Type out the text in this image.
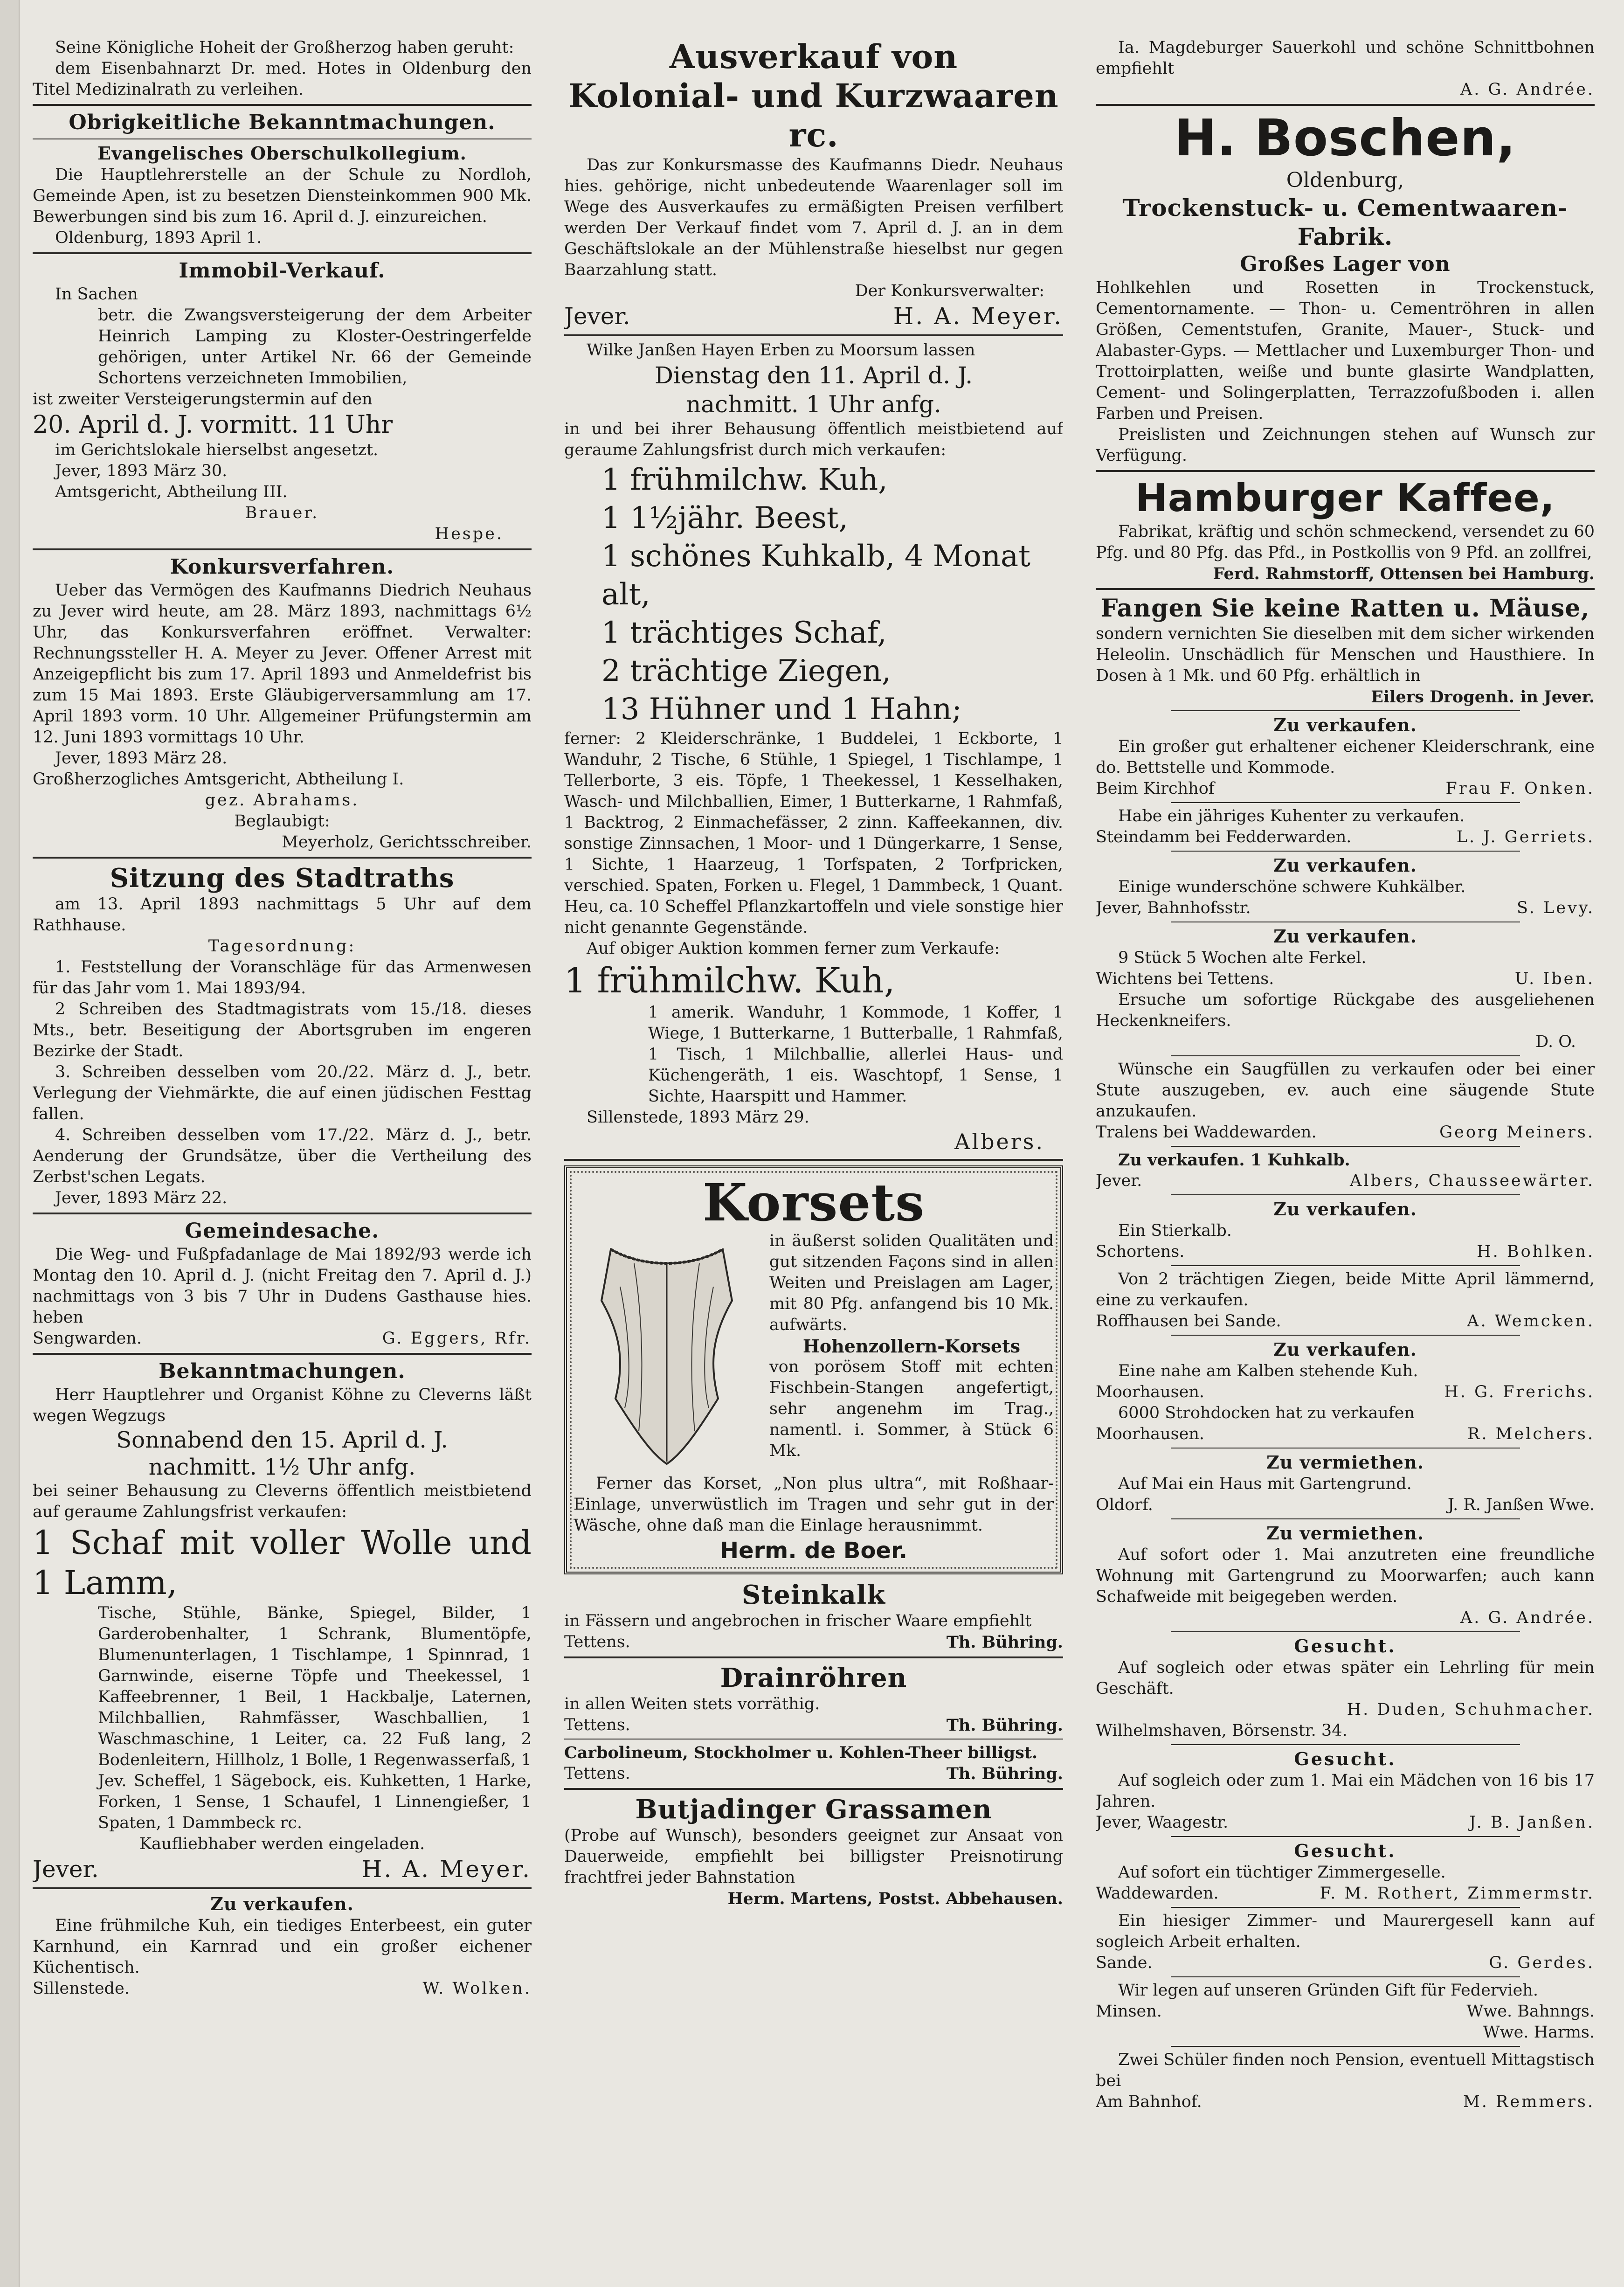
Seine Königliche Hoheit der Großherzog haben geruht:

dem Eisenbahnarzt Dr. med. Hotes in Oldenburg den Titel Medizinalrath zu verleihen.

Obrigkeitliche Bekanntmachungen.
Evangelisches Oberschulkollegium.

Die Hauptlehrerstelle an der Schule zu Nordloh, Gemeinde Apen, ist zu besetzen Diensteinkommen 900 Mk. Bewerbungen sind bis zum 16. April d. J. einzureichen.

Oldenburg, 1893 April 1.

Immobil-Verkauf.

In Sachen

betr. die Zwangsversteigerung der dem Arbeiter Heinrich Lamping zu Kloster-Oestringerfelde gehörigen, unter Artikel Nr. 66 der Gemeinde Schortens verzeichneten Immobilien,

ist zweiter Versteigerungstermin auf den

20. April d. J. vormitt. 11 Uhr

im Gerichtslokale hierselbst angesetzt.

Jever, 1893 März 30.

Amtsgericht, Abtheilung III.

Brauer.

Hespe.

Konkursverfahren.

Ueber das Vermögen des Kaufmanns Diedrich Neuhaus zu Jever wird heute, am 28. März 1893, nachmittags 6½ Uhr, das Konkursverfahren eröffnet. Verwalter: Rechnungssteller H. A. Meyer zu Jever. Offener Arrest mit Anzeigepflicht bis zum 17. April 1893 und Anmeldefrist bis zum 15 Mai 1893. Erste Gläubigerversammlung am 17. April 1893 vorm. 10 Uhr. Allgemeiner Prüfungstermin am 12. Juni 1893 vormittags 10 Uhr.

Jever, 1893 März 28.

Großherzogliches Amtsgericht, Abtheilung I.

gez. Abrahams.

Beglaubigt:

Meyerholz, Gerichtsschreiber.

Sitzung des Stadtraths

am 13. April 1893 nachmittags 5 Uhr auf dem Rathhause.

Tagesordnung:

1. Feststellung der Voranschläge für das Armenwesen für das Jahr vom 1. Mai 1893/94.

2 Schreiben des Stadtmagistrats vom 15./18. dieses Mts., betr. Beseitigung der Abortsgruben im engeren Bezirke der Stadt.

3. Schreiben desselben vom 20./22. März d. J., betr. Verlegung der Viehmärkte, die auf einen jüdischen Festtag fallen.

4. Schreiben desselben vom 17./22. März d. J., betr. Aenderung der Grundsätze, über die Vertheilung des Zerbst'schen Legats.

Jever, 1893 März 22.

Gemeindesache.

Die Weg- und Fußpfadanlage de Mai 1892/93 werde ich Montag den 10. April d. J. (nicht Freitag den 7. April d. J.) nachmittags von 3 bis 7 Uhr in Dudens Gasthause hies. heben

Sengwarden.	G. Eggers, Rfr.
Bekanntmachungen.

Herr Hauptlehrer und Organist Köhne zu Cleverns läßt wegen Wegzugs

Sonnabend den 15. April d. J.

nachmitt. 1½ Uhr anfg.

bei seiner Behausung zu Cleverns öffentlich meistbietend auf geraume Zahlungsfrist verkaufen:

1 Schaf mit voller Wolle und 1 Lamm,

Tische, Stühle, Bänke, Spiegel, Bilder, 1 Garderobenhalter, 1 Schrank, Blumentöpfe, Blumenunterlagen, 1 Tischlampe, 1 Spinnrad, 1 Garnwinde, eiserne Töpfe und Theekessel, 1 Kaffeebrenner, 1 Beil, 1 Hackbalje, Laternen, Milchballien, Rahmfässer, Waschballien, 1 Waschmaschine, 1 Leiter, ca. 22 Fuß lang, 2 Bodenleitern, Hillholz, 1 Bolle, 1 Regenwasserfaß, 1 Jev. Scheffel, 1 Sägebock, eis. Kuhketten, 1 Harke, Forken, 1 Sense, 1 Schaufel, 1 Linnengießer, 1 Spaten, 1 Dammbeck rc.

Kaufliebhaber werden eingeladen.

Jever.	H. A. Meyer.
Zu verkaufen.

Eine frühmilche Kuh, ein tiediges Enterbeest, ein guter Karnhund, ein Karnrad und ein großer eichener Küchentisch.

Sillenstede.	W. Wolken.
Ausverkauf von
Kolonial- und Kurzwaaren rc.

Das zur Konkursmasse des Kaufmanns Diedr. Neuhaus hies. gehörige, nicht unbedeutende Waarenlager soll im Wege des Ausverkaufes zu ermäßigten Preisen verfilbert werden Der Verkauf findet vom 7. April d. J. an in dem Geschäftslokale an der Mühlenstraße hieselbst nur gegen Baarzahlung statt.

Der Konkursverwalter:

Jever.	H. A. Meyer.

Wilke Janßen Hayen Erben zu Moorsum lassen

Dienstag den 11. April d. J.

nachmitt. 1 Uhr anfg.

in und bei ihrer Behausung öffentlich meistbietend auf geraume Zahlungsfrist durch mich verkaufen:

1 frühmilchw. Kuh,

1 1½jähr. Beest,

1 schönes Kuhkalb, 4 Monat alt,

1 trächtiges Schaf,

2 trächtige Ziegen,

13 Hühner und 1 Hahn;

ferner: 2 Kleiderschränke, 1 Buddelei, 1 Eckborte, 1 Wanduhr, 2 Tische, 6 Stühle, 1 Spiegel, 1 Tischlampe, 1 Tellerborte, 3 eis. Töpfe, 1 Theekessel, 1 Kesselhaken, Wasch- und Milchballien, Eimer, 1 Butterkarne, 1 Rahmfaß, 1 Backtrog, 2 Einmachefässer, 2 zinn. Kaffeekannen, div. sonstige Zinnsachen, 1 Moor- und 1 Düngerkarre, 1 Sense, 1 Sichte, 1 Haarzeug, 1 Torfspaten, 2 Torfpricken, verschied. Spaten, Forken u. Flegel, 1 Dammbeck, 1 Quant. Heu, ca. 10 Scheffel Pflanzkartoffeln und viele sonstige hier nicht genannte Gegenstände.

Auf obiger Auktion kommen ferner zum Verkaufe:

1 frühmilchw. Kuh,

1 amerik. Wanduhr, 1 Kommode, 1 Koffer, 1 Wiege, 1 Butterkarne, 1 Butterballe, 1 Rahmfaß, 1 Tisch, 1 Milchballie, allerlei Haus- und Küchengeräth, 1 eis. Waschtopf, 1 Sense, 1 Sichte, Haarspitt und Hammer.

Sillenstede, 1893 März 29.

Albers.

Korsets

in äußerst soliden Qualitäten und gut sitzenden Façons sind in allen Weiten und Preislagen am Lager, mit 80 Pfg. anfangend bis 10 Mk. aufwärts.

Hohenzollern-Korsets

von porösem Stoff mit echten Fischbein-Stangen angefertigt, sehr angenehm im Trag., namentl. i. Sommer, à Stück 6 Mk.

Ferner das Korset, „Non plus ultra“, mit Roßhaar-Einlage, unverwüstlich im Tragen und sehr gut in der Wäsche, ohne daß man die Einlage herausnimmt.

Herm. de Boer.

Steinkalk

in Fässern und angebrochen in frischer Waare empfiehlt

Tettens.	Th. Bühring.
Drainröhren

in allen Weiten stets vorräthig.

Tettens.	Th. Bühring.

Carbolineum, Stockholmer u. Kohlen-Theer billigst.

Tettens.	Th. Bühring.
Butjadinger Grassamen

(Probe auf Wunsch), besonders geeignet zur Ansaat von Dauerweide, empfiehlt bei billigster Preisnotirung frachtfrei jeder Bahnstation

Herm. Martens, Postst. Abbehausen.

Ia. Magdeburger Sauerkohl und schöne Schnittbohnen empfiehlt

A. G. Andrée.

H. Boschen,

Oldenburg,

Trockenstuck- u. Cementwaaren-Fabrik.
Großes Lager von

Hohlkehlen und Rosetten in Trockenstuck, Cementornamente. — Thon- u. Cementröhren in allen Größen, Cementstufen, Granite, Mauer-, Stuck- und Alabaster-Gyps. — Mettlacher und Luxemburger Thon- und Trottoirplatten, weiße und bunte glasirte Wandplatten, Cement- und Solingerplatten, Terrazzofußboden i. allen Farben und Preisen.

Preislisten und Zeichnungen stehen auf Wunsch zur Verfügung.

Hamburger Kaffee,

Fabrikat, kräftig und schön schmeckend, versendet zu 60 Pfg. und 80 Pfg. das Pfd., in Postkollis von 9 Pfd. an zollfrei,

Ferd. Rahmstorff, Ottensen bei Hamburg.

Fangen Sie keine Ratten u. Mäuse,

sondern vernichten Sie dieselben mit dem sicher wirkenden Heleolin. Unschädlich für Menschen und Hausthiere. In Dosen à 1 Mk. und 60 Pfg. erhältlich in

Eilers Drogenh. in Jever.

Zu verkaufen.

Ein großer gut erhaltener eichener Kleiderschrank, eine do. Bettstelle und Kommode.

Beim Kirchhof	Frau F. Onken.

Habe ein jähriges Kuhenter zu verkaufen.

Steindamm bei Fedderwarden.	L. J. Gerriets.
Zu verkaufen.

Einige wunderschöne schwere Kuhkälber.

Jever, Bahnhofsstr.	S. Levy.
Zu verkaufen.

9 Stück 5 Wochen alte Ferkel.

Wichtens bei Tettens.	U. Iben.

Ersuche um sofortige Rückgabe des ausgeliehenen Heckenkneifers.

D. O.

Wünsche ein Saugfüllen zu verkaufen oder bei einer Stute auszugeben, ev. auch eine säugende Stute anzukaufen.

Tralens bei Waddewarden.	Georg Meiners.

Zu verkaufen. 1 Kuhkalb.

Jever.	Albers, Chausseewärter.
Zu verkaufen.

Ein Stierkalb.

Schortens.	H. Bohlken.

Von 2 trächtigen Ziegen, beide Mitte April lämmernd, eine zu verkaufen.

Roffhausen bei Sande.	A. Wemcken.
Zu verkaufen.

Eine nahe am Kalben stehende Kuh.

Moorhausen.	H. G. Frerichs.

6000 Strohdocken hat zu verkaufen

Moorhausen.	R. Melchers.
Zu vermiethen.

Auf Mai ein Haus mit Gartengrund.

Oldorf.	J. R. Janßen Wwe.
Zu vermiethen.

Auf sofort oder 1. Mai anzutreten eine freundliche Wohnung mit Gartengrund zu Moorwarfen; auch kann Schafweide mit beigegeben werden.

A. G. Andrée.

Gesucht.

Auf sogleich oder etwas später ein Lehrling für mein Geschäft.

H. Duden, Schuhmacher.

Wilhelmshaven, Börsenstr. 34.

Gesucht.

Auf sogleich oder zum 1. Mai ein Mädchen von 16 bis 17 Jahren.

Jever, Waagestr.	J. B. Janßen.
Gesucht.

Auf sofort ein tüchtiger Zimmergeselle.

Waddewarden.	F. M. Rothert, Zimmermstr.

Ein hiesiger Zimmer- und Maurergesell kann auf sogleich Arbeit erhalten.

Sande.	G. Gerdes.

Wir legen auf unseren Gründen Gift für Federvieh.

Minsen.	Wwe. Bahnngs.

Wwe. Harms.

Zwei Schüler finden noch Pension, eventuell Mittagstisch bei

Am Bahnhof.	M. Remmers.
